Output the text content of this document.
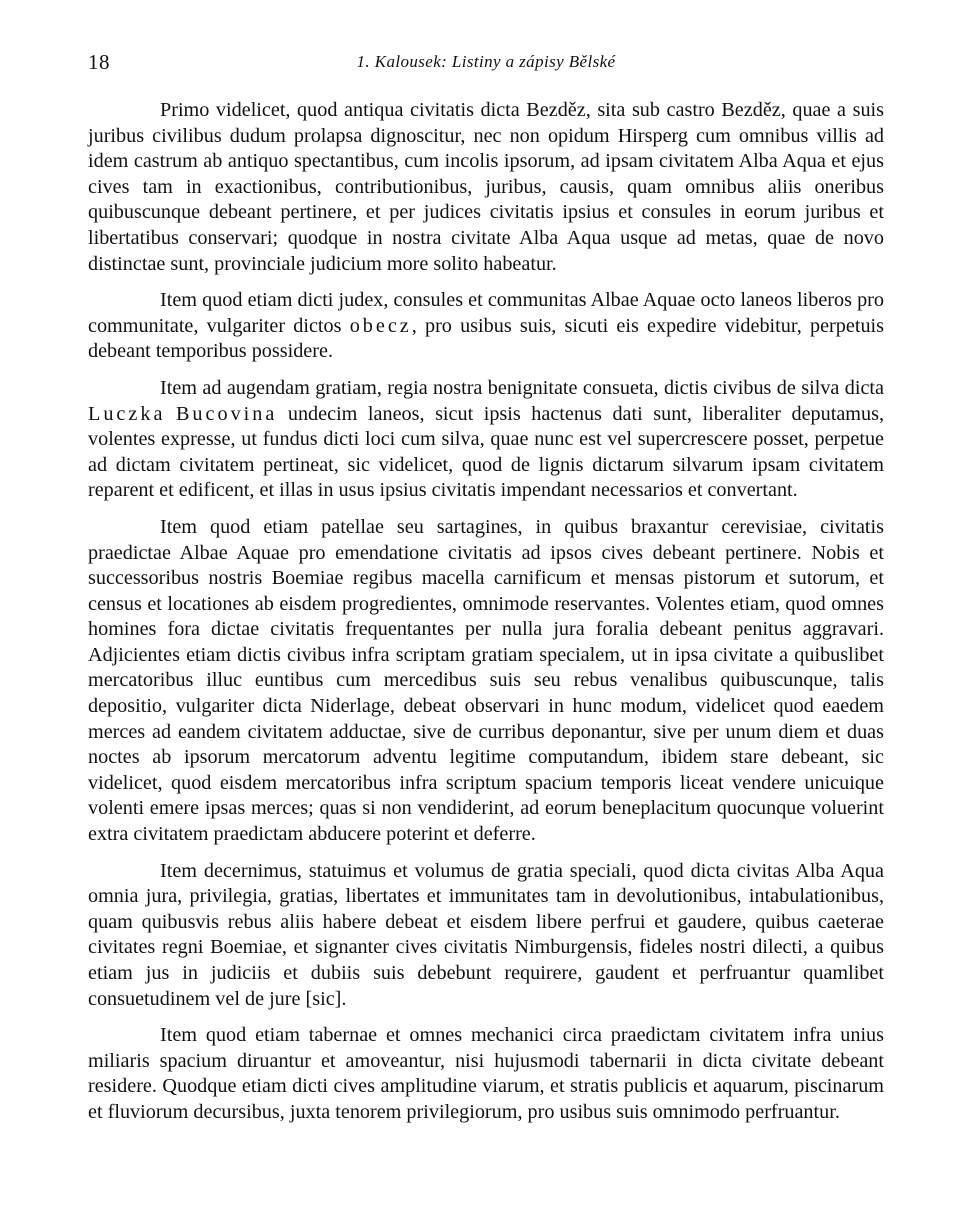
18	1. Kalousek: Listiny a zápisy Bělské

Primo videlicet, quod antiqua civitatis dicta Bezděz, sita sub castro Bezděz, quae a suis juribus civilibus dudum prolapsa dignoscitur, nec non opidum Hirsperg cum omnibus villis ad idem castrum ab antiquo spectantibus, cum incolis ipsorum, ad ipsam civitatem Alba Aqua et ejus cives tam in exactionibus, contributionibus, juribus, causis, quam omnibus aliis oneribus quibuscunque debeant pertinere, et per judices civitatis ipsius et consules in eorum juribus et libertatibus conservari; quodque in nostra civitate Alba Aqua usque ad metas, quae de novo distinctae sunt, provinciale judicium more solito habeatur.

Item quod etiam dicti judex, consules et communitas Albae Aquae octo laneos liberos pro communitate, vulgariter dictos obecz, pro usibus suis, sicuti eis expedire videbitur, perpetuis debeant temporibus possidere.

Item ad augendam gratiam, regia nostra benignitate consueta, dictis civibus de silva dicta Luczka Bucovina undecim laneos, sicut ipsis hactenus dati sunt, liberaliter deputamus, volentes expresse, ut fundus dicti loci cum silva, quae nunc est vel supercrescere posset, perpetue ad dictam civitatem pertineat, sic videlicet, quod de lignis dictarum silvarum ipsam civitatem reparent et edificent, et illas in usus ipsius civitatis impendant necessarios et convertant.

Item quod etiam patellae seu sartagines, in quibus braxantur cerevisiae, civitatis praedictae Albae Aquae pro emendatione civitatis ad ipsos cives debeant pertinere. Nobis et successoribus nostris Boemiae regibus macella carnificum et mensas pistorum et sutorum, et census et locationes ab eisdem progredientes, omnimode reservantes. Volentes etiam, quod omnes homines fora dictae civitatis frequentantes per nulla jura foralia debeant penitus aggravari. Adjicientes etiam dictis civibus infra scriptam gratiam specialem, ut in ipsa civitate a quibuslibet mercatoribus illuc euntibus cum mercedibus suis seu rebus venalibus quibuscunque, talis depositio, vulgariter dicta Niderlage, debeat observari in hunc modum, videlicet quod eaedem merces ad eandem civitatem adductae, sive de curribus deponantur, sive per unum diem et duas noctes ab ipsorum mercatorum adventu legitime computandum, ibidem stare debeant, sic videlicet, quod eisdem mercatoribus infra scriptum spacium temporis liceat vendere unicuique volenti emere ipsas merces; quas si non vendiderint, ad eorum beneplacitum quocunque voluerint extra civitatem praedictam abducere poterint et deferre.

Item decernimus, statuimus et volumus de gratia speciali, quod dicta civitas Alba Aqua omnia jura, privilegia, gratias, libertates et immunitates tam in devolutionibus, intabulationibus, quam quibusvis rebus aliis habere debeat et eisdem libere perfrui et gaudere, quibus caeterae civitates regni Boemiae, et signanter cives civitatis Nimburgensis, fideles nostri dilecti, a quibus etiam jus in judiciis et dubiis suis debebunt requirere, gaudent et perfruantur quamlibet consuetudinem vel de jure [sic].

Item quod etiam tabernae et omnes mechanici circa praedictam civitatem infra unius miliaris spacium diruantur et amoveantur, nisi hujusmodi tabernarii in dicta civitate debeant residere. Quodque etiam dicti cives amplitudine viarum, et stratis publicis et aquarum, piscinarum et fluviorum decursibus, juxta tenorem privilegiorum, pro usibus suis omnimodo perfruantur.
